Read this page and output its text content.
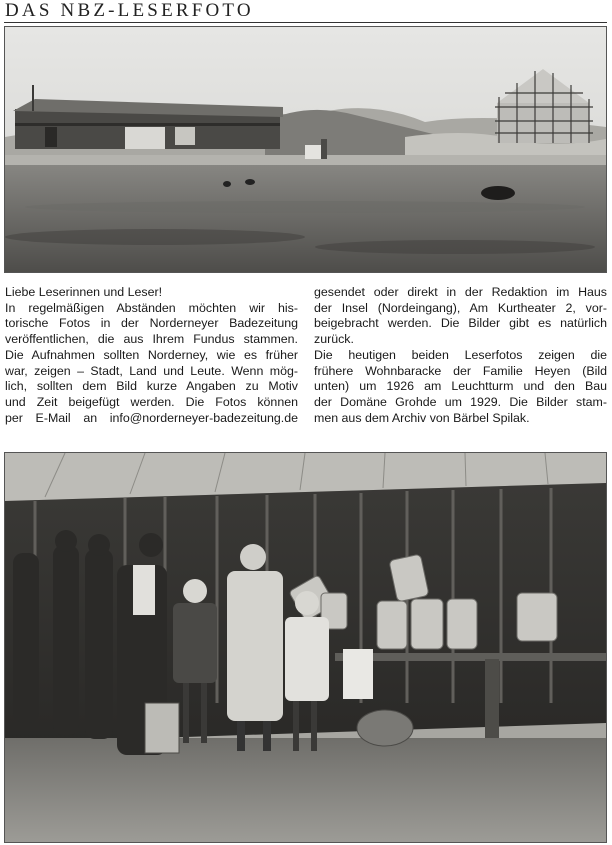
DAS NBZ-LESERFOTO

Liebe Leserinnen und Leser!

In regelmäßigen Abständen möchten wir his-

torische Fotos in der Norderneyer Badezeitung

veröffentlichen, die aus Ihrem Fundus stammen.

Die Aufnahmen sollten Norderney, wie es früher

war, zeigen – Stadt, Land und Leute. Wenn mög-

lich, sollten dem Bild kurze Angaben zu Motiv

und Zeit beigefügt werden. Die Fotos können

per E-Mail an info@norderneyer-badezeitung.de

gesendet oder direkt in der Redaktion im Haus

der Insel (Nordeingang), Am Kurtheater 2, vor-

beigebracht werden. Die Bilder gibt es natürlich

zurück.

Die heutigen beiden Leserfotos zeigen die

frühere Wohnbaracke der Familie Heyen (Bild

unten) um 1926 am Leuchtturm und den Bau

der Domäne Grohde um 1929. Die Bilder stam-

men aus dem Archiv von Bärbel Spilak.
